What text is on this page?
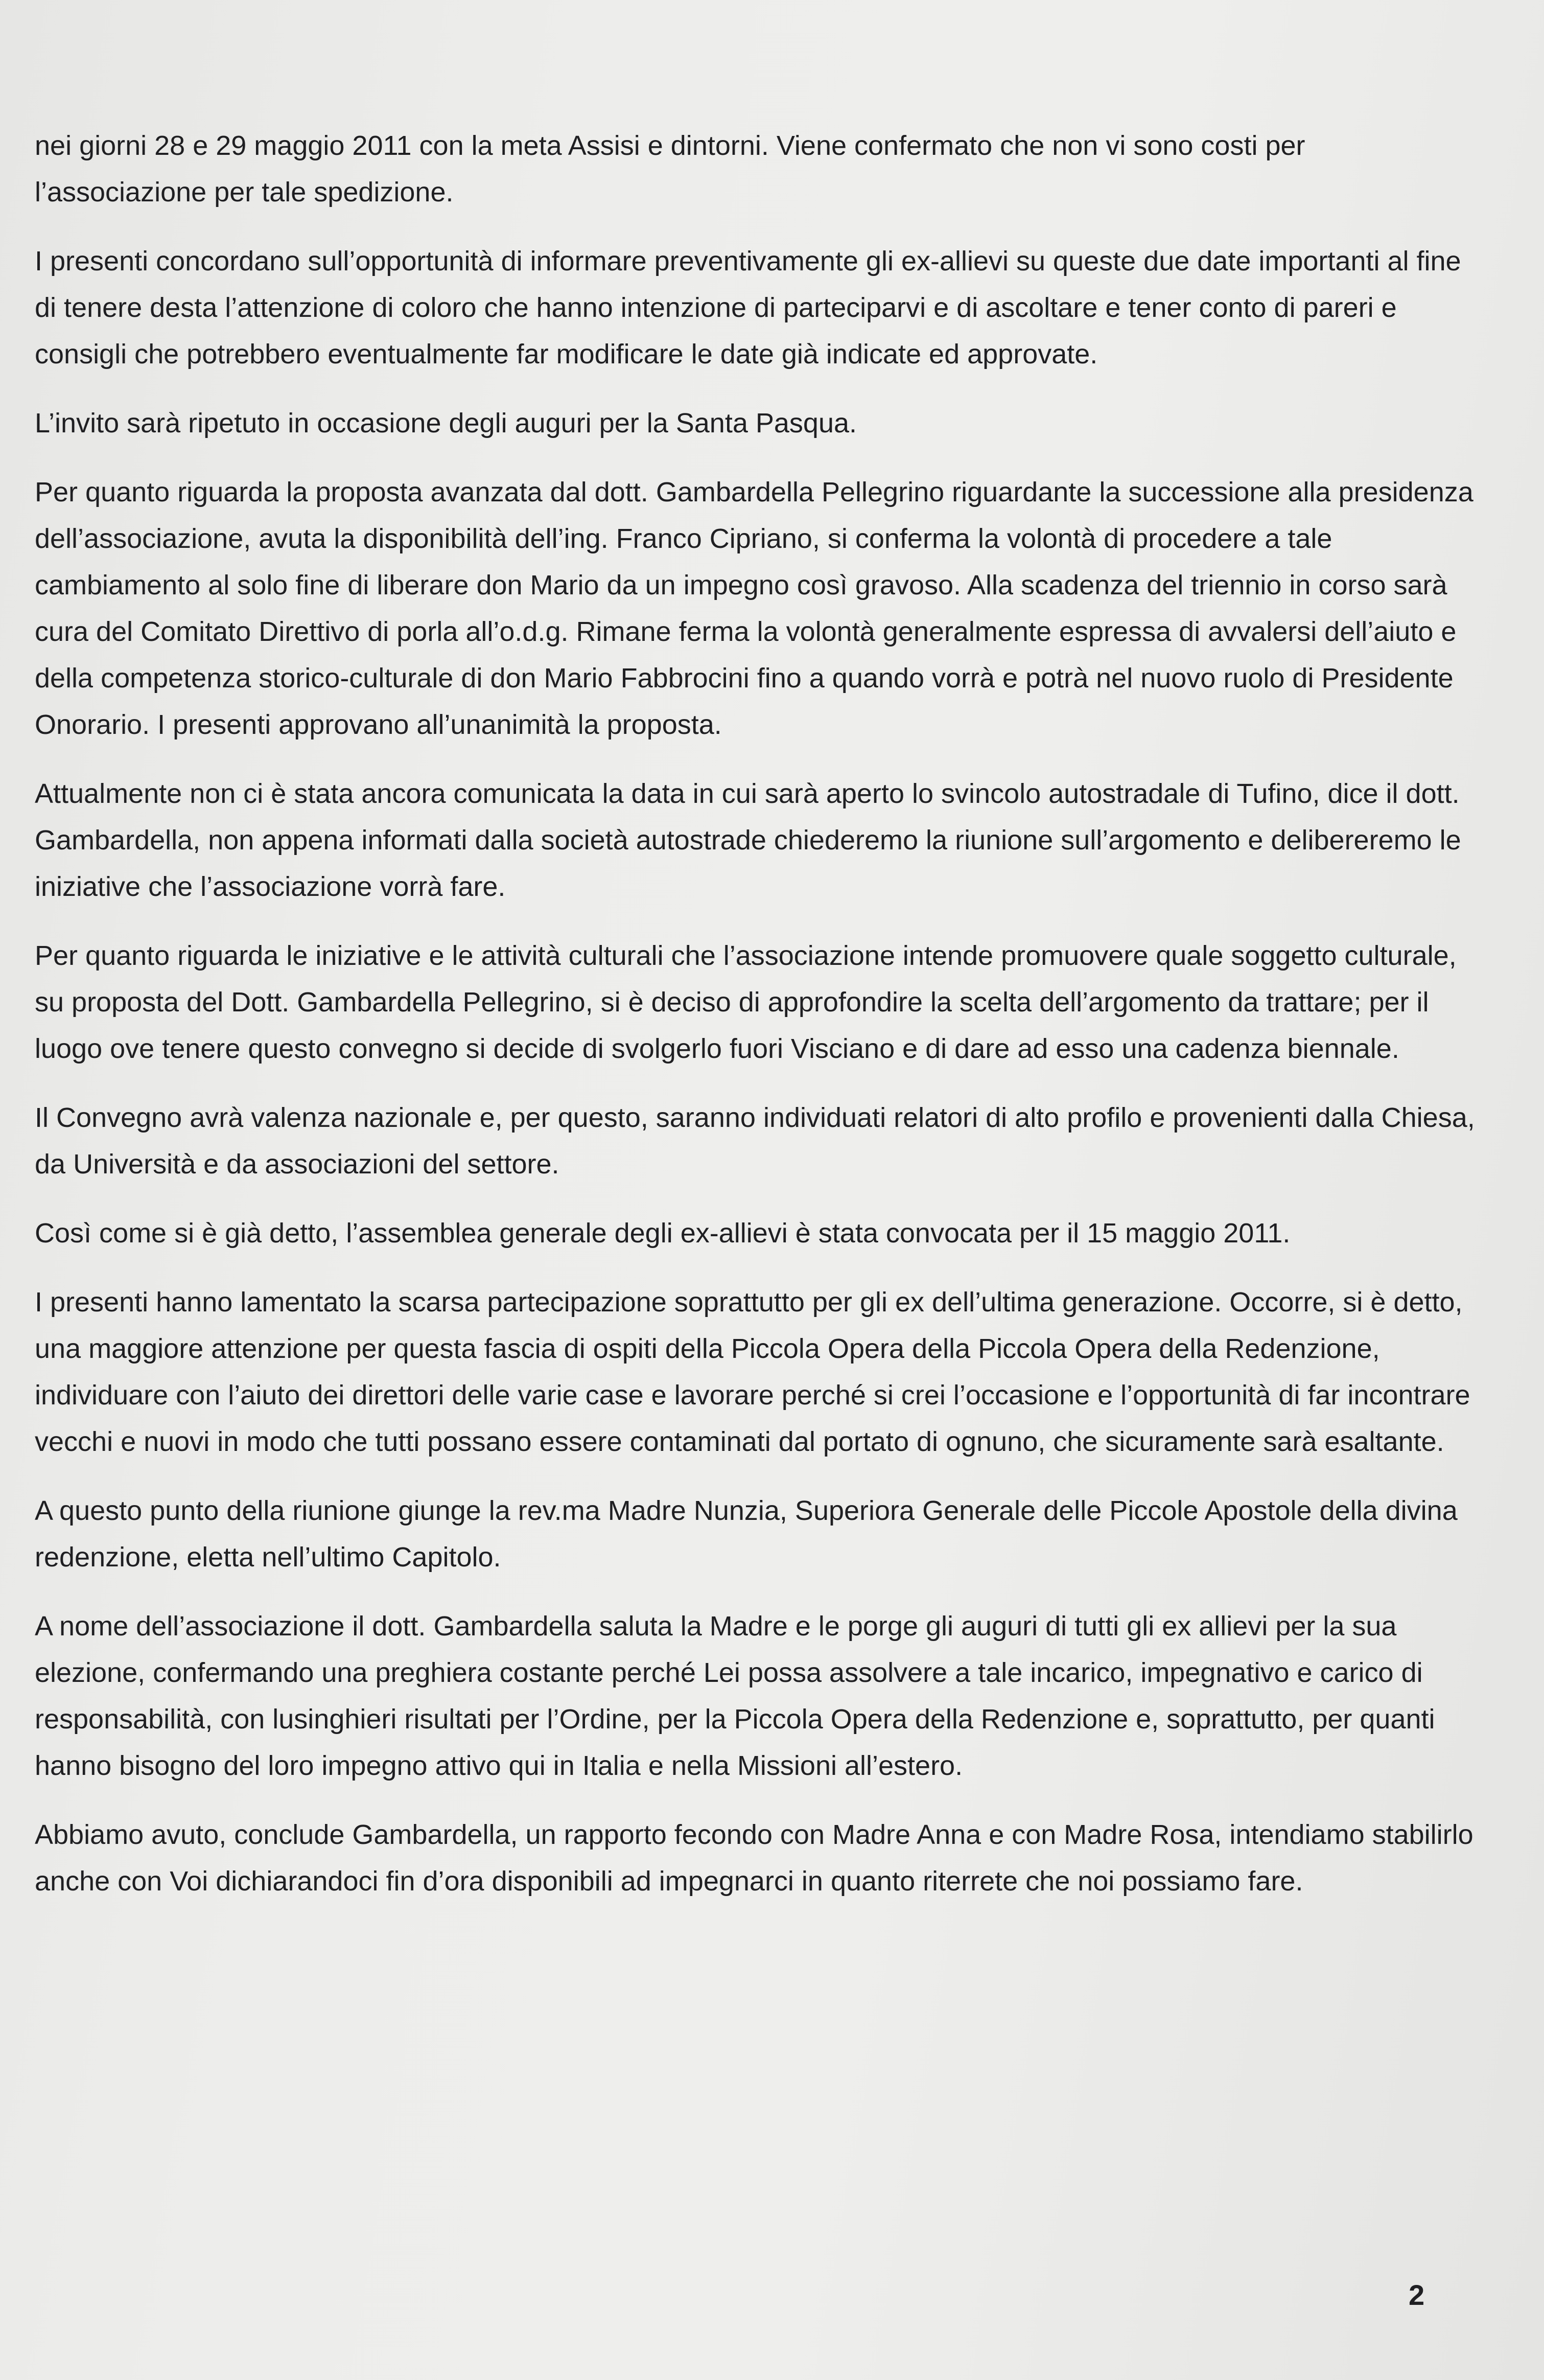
nei giorni 28 e 29 maggio 2011 con la meta Assisi e dintorni. Viene confermato che non vi sono costi per l’associazione per tale spedizione.

I presenti concordano sull’opportunità di informare preventivamente gli ex-allievi su queste due date importanti al fine di tenere desta l’attenzione di coloro che hanno intenzione di parteciparvi e di ascoltare e tener conto di pareri e consigli che potrebbero eventualmente far modificare le date già indicate ed approvate.

L’invito sarà ripetuto in occasione degli auguri per la Santa Pasqua.

Per quanto riguarda la proposta avanzata dal dott. Gambardella Pellegrino riguardante la successione alla presidenza dell’associazione, avuta la disponibilità dell’ing. Franco Cipriano, si conferma la volontà di procedere a tale cambiamento al solo fine di liberare don Mario da un impegno così gravoso. Alla scadenza del triennio in corso sarà cura del Comitato Direttivo di porla all’o.d.g. Rimane ferma la volontà generalmente espressa di avvalersi dell’aiuto e della competenza storico-culturale di don Mario Fabbrocini fino a quando vorrà e potrà nel nuovo ruolo di Presidente Onorario. I presenti approvano all’unanimità la proposta.

Attualmente non ci è stata ancora comunicata la data in cui sarà aperto lo svincolo autostradale di Tufino, dice il dott. Gambardella, non appena informati dalla società autostrade chiederemo la riunione sull’argomento e delibereremo le iniziative che l’associazione vorrà fare.

Per quanto riguarda le iniziative e le attività culturali che l’associazione intende promuovere quale soggetto culturale, su proposta del Dott. Gambardella Pellegrino, si è deciso di approfondire la scelta dell’argomento da trattare; per il luogo ove tenere questo convegno si decide di svolgerlo fuori Visciano e di dare ad esso una cadenza biennale.

Il Convegno avrà valenza nazionale e, per questo, saranno individuati relatori di alto profilo e provenienti dalla Chiesa, da Università e da associazioni del settore.

Così come si è già detto, l’assemblea generale degli ex-allievi è stata convocata per il 15 maggio 2011.

I presenti hanno lamentato la scarsa partecipazione soprattutto per gli ex dell’ultima generazione. Occorre, si è detto, una maggiore attenzione per questa fascia di ospiti della Piccola Opera della Piccola Opera della Redenzione, individuare con l’aiuto dei direttori delle varie case e lavorare perché si crei l’occasione e l’opportunità di far incontrare vecchi e nuovi in modo che tutti possano essere contaminati dal portato di ognuno, che sicuramente sarà esaltante.

A questo punto della riunione giunge la rev.ma Madre Nunzia, Superiora Generale delle Piccole Apostole della divina redenzione, eletta nell’ultimo Capitolo.

A nome dell’associazione il dott. Gambardella saluta la Madre e le porge gli auguri di tutti gli ex allievi per la sua elezione, confermando una preghiera costante perché Lei possa assolvere a tale incarico, impegnativo e carico di responsabilità, con lusinghieri risultati per l’Ordine, per la Piccola Opera della Redenzione e, soprattutto, per quanti hanno bisogno del loro impegno attivo qui in Italia e nella Missioni all’estero.

Abbiamo avuto, conclude Gambardella, un rapporto fecondo con Madre Anna e con Madre Rosa, intendiamo stabilirlo anche con Voi dichiarandoci fin d’ora disponibili ad impegnarci in quanto riterrete che noi possiamo fare.

2
